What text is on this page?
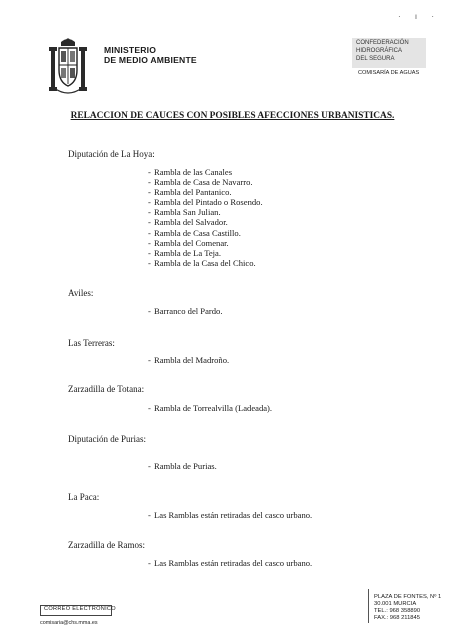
· ı ·
MINISTERIO
DE MEDIO AMBIENTE
CONFEDERACIÓN
HIDROGRÁFICA
DEL SEGURA
COMISARÍA DE AGUAS
RELACCION DE CAUCES CON POSIBLES AFECCIONES URBANISTICAS.
Diputación de La Hoya:
- Rambla de las Canales
- Rambla de Casa de Navarro.
- Rambla del Pantanico.
- Rambla del Pintado o Rosendo.
- Rambla San Julian.
- Rambla del Salvador.
- Rambla de Casa Castillo.
- Rambla del Comenar.
- Rambla de La Teja.
- Rambla de la Casa del Chico.
Aviles:
- Barranco del Pardo.
Las Terreras:
- Rambla del Madroño.
Zarzadilla de Totana:
- Rambla de Torrealvilla (Ladeada).
Diputación de Purias:
- Rambla de Purias.
La Paca:
- Las Ramblas están retiradas del casco urbano.
Zarzadilla de Ramos:
- Las Ramblas están retiradas del casco urbano.
CORREO ELECTRONICO
comisaria@chs.mma.es
PLAZA DE FONTES, Nº 1
30.001 MURCIA
TEL.: 968 358890
FAX.: 968 211845
